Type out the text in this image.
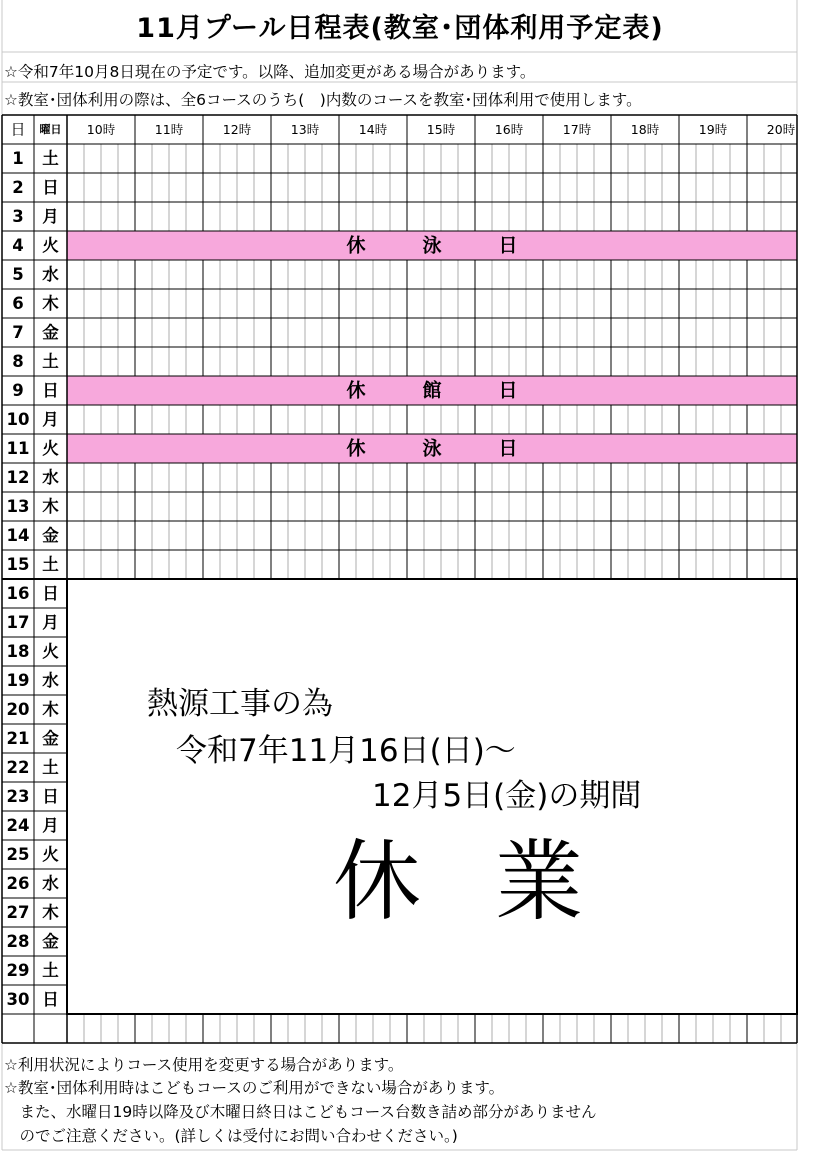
11月プール日程表(教室･団体利用予定表)
☆令和7年10月8日現在の予定です。以降、追加変更がある場合があります。
☆教室･団体利用の際は、全6コースのうち(　)内数のコースを教室･団体利用で使用します。
日 曜日 10時	11時	12時	13時	14時	15時	16時	17時	18時	19時	20時
1 土
2 日
3 月
4 火	休　　　泳　　　日
5 水
6 木
7 金
8 土
9 日	休　　　館　　　日
10 月
11 火	休　　　泳　　　日
12 水
13 木
14 金
15 土
16 日
17 月
18 火
19 水
20 木
21 金
22 土
23 日
24 月
25 火
26 水
27 木
28 金
29 土
30 日
熱源工事の為
令和7年11月16日(日)～
12月5日(金)の期間
休業
☆利用状況によりコース使用を変更する場合があります。
☆教室･団体利用時はこどもコースのご利用ができない場合があります。
　また、水曜日19時以降及び木曜日終日はこどもコース台数き詰め部分がありません
　のでご注意ください。(詳しくは受付にお問い合わせください。)
